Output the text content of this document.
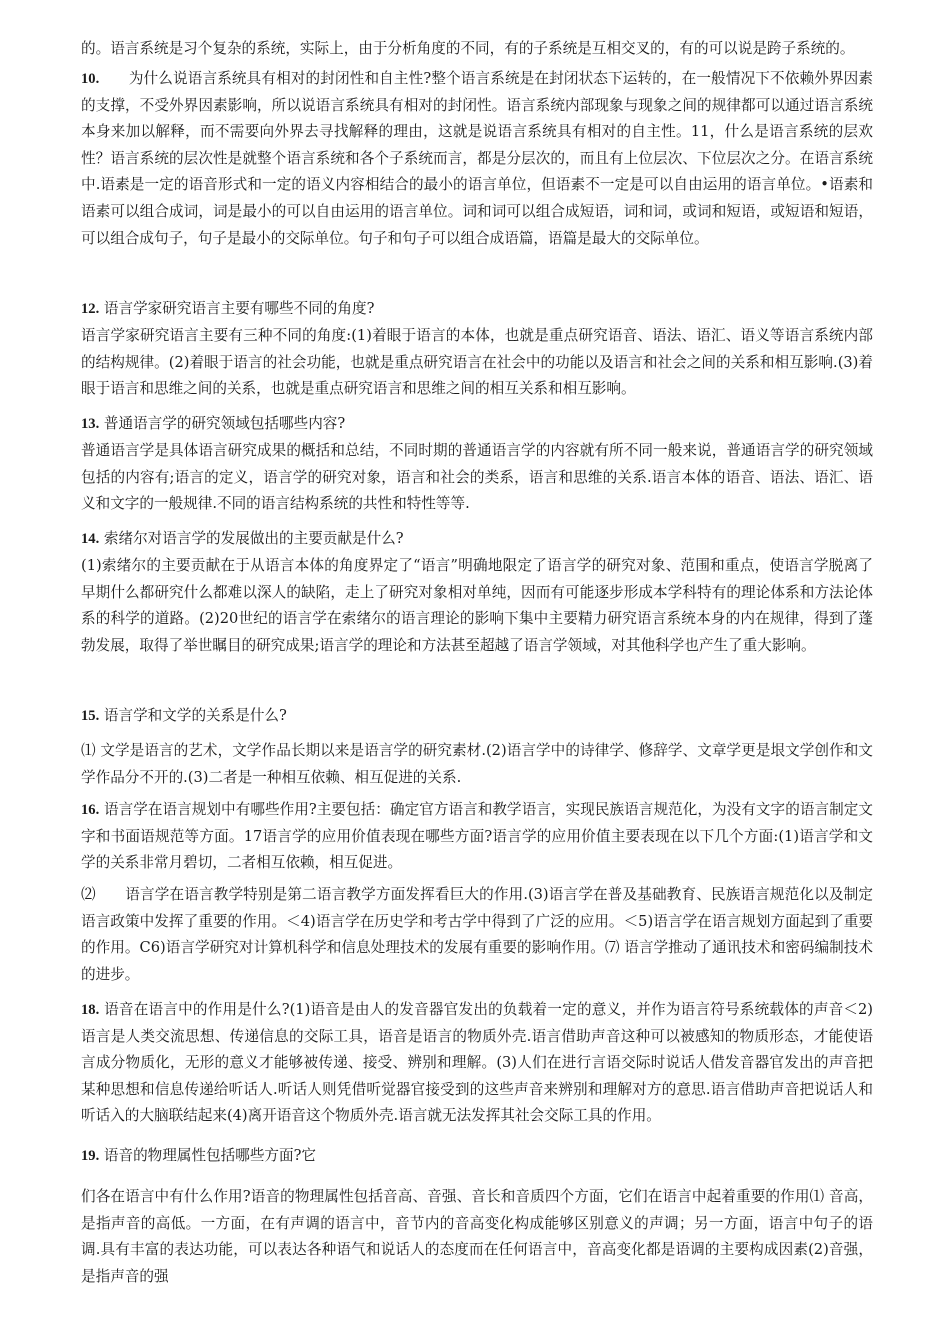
的。语言系统是习个复杂的系统，实际上，由于分析角度的不同，有的子系统是互相交叉的，有的可以说是跨子系统的。

10.　　为什么说语言系统具有相对的封闭性和自主性?整个语言系统是在封闭状态下运转的，在一般情况下不依赖外界因素的支撑，不受外界因素影响，所以说语言系统具有相对的封闭性。语言系统内部现象与现象之间的规律都可以通过语言系统本身来加以解释，而不需要向外界去寻找解释的理由，这就是说语言系统具有相对的自主性。11，什么是语言系统的层欢性？语言系统的层次性是就整个语言系统和各个子系统而言，都是分层次的，而且有上位层次、下位层次之分。在语言系统中.语素是一定的语音形式和一定的语义内容相结合的最小的语言单位，但语素不一定是可以自由运用的语言单位。•语素和语素可以组合成词，词是最小的可以自由运用的语言单位。词和词可以组合成短语，词和词，或词和短语，或短语和短语，可以组合成句子，句子是最小的交际单位。句子和句子可以组合成语篇，语篇是最大的交际单位。

12. 语言学家研究语言主要有哪些不同的角度?

语言学家研究语言主要有三种不同的角度:(1)着眼于语言的本体，也就是重点研究语音、语法、语汇、语义等语言系统内部的结构规律。(2)着眼于语言的社会功能，也就是重点研究语言在社会中的功能以及语言和社会之间的关系和相互影响.(3)着眼于语言和思维之间的关系，也就是重点研究语言和思维之间的相互关系和相互影响。

13. 普通语言学的研究领域包括哪些内容?

普通语言学是具体语言研究成果的概括和总结，不同时期的普通语言学的内容就有所不同一般来说，普通语言学的研究领域包括的内容有;语言的定义，语言学的研究对象，语言和社会的类系，语言和思维的关系.语言本体的语音、语法、语汇、语义和文字的一般规律.不同的语言结构系统的共性和特性等等.

14. 索绪尔对语言学的发展做出的主要贡献是什么?

(1)索绪尔的主要贡献在于从语言本体的角度界定了“语言”明确地限定了语言学的研究对象、范围和重点，使语言学脱离了早期什么都研究什么都难以深人的缺陷，走上了研究对象相对单纯，因而有可能逐步形成本学科特有的理论体系和方法论体系的科学的道路。(2)20世纪的语言学在索绪尔的语言理论的影响下集中主要精力研究语言系统本身的内在规律，得到了蓬勃发展，取得了举世瞩目的研究成果;语言学的理论和方法甚至超越了语言学领域，对其他科学也产生了重大影响。

15. 语言学和文学的关系是什么?

⑴ 文学是语言的艺术，文学作品长期以来是语言学的研究素材.(2)语言学中的诗律学、修辞学、文章学更是垠文学创作和文学作品分不开的.(3)二者是一种相互依赖、相互促进的关系.

16. 语言学在语言规划中有哪些作用?主要包括：确定官方语言和教学语言，实现民族语言规范化，为没有文字的语言制定文字和书面语规范等方面。17语言学的应用价值表现在哪些方面?语言学的应用价值主要表现在以下几个方面:(1)语言学和文学的关系非常月碧切，二者相互依赖，相互促进。

⑵　　语言学在语言教学特别是第二语言教学方面发挥看巨大的作用.(3)语言学在普及基础教育、民族语言规范化以及制定语言政策中发挥了重要的作用。＜4)语言学在历史学和考古学中得到了广泛的应用。＜5)语言学在语言规划方面起到了重要的作用。C6)语言学研究对计算机科学和信息处理技术的发展有重要的影响作用。⑺ 语言学推动了通讯技术和密码编制技术的进步。

18. 语音在语言中的作用是什么?(1)语音是由人的发音器官发出的负载着一定的意义，并作为语言符号系统载体的声音＜2)语言是人类交流思想、传递信息的交际工具，语音是语言的物质外壳.语言借助声音这种可以被感知的物质形态，才能使语言成分物质化，无形的意义才能够被传递、接受、辨别和理解。(3)人们在进行言语交际时说话人借发音器官发出的声音把某种思想和信息传递给听话人.听话人则凭借听觉器官接受到的这些声音来辨别和理解对方的意思.语言借助声音把说话人和听话入的大脑联结起来(4)离开语音这个物质外壳.语言就无法发挥其社会交际工具的作用。

19. 语音的物理属性包括哪些方面?它

们各在语言中有什么作用?语音的物理属性包括音高、音强、音长和音质四个方面，它们在语言中起着重要的作用⑴ 音高，是指声音的高低。一方面，在有声调的语言中，音节内的音高变化构成能够区别意义的声调；另一方面，语言中句子的语调.具有丰富的表达功能，可以表达各种语气和说话人的态度而在任何语言中，音高变化都是语调的主要构成因素(2)音强，是指声音的强
